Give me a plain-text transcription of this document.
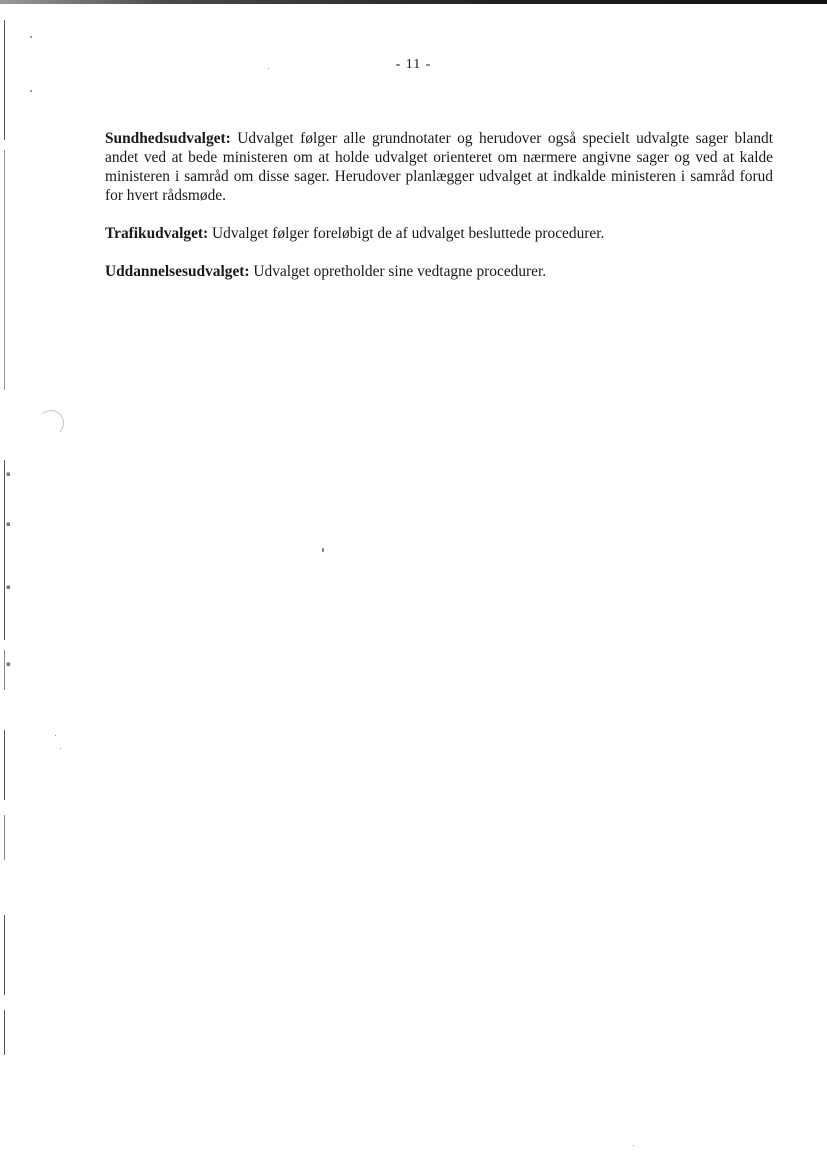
▪
▪
▪
▪
- 11 -

Sundhedsudvalget: Udvalget følger alle grundnotater og herudover også specielt udvalgte sager blandt andet ved at bede ministeren om at holde udvalget orienteret om nærmere angivne sager og ved at kalde ministeren i samråd om disse sager. Herudover planlægger udvalget at indkalde ministeren i samråd forud for hvert rådsmøde.

Trafikudvalget: Udvalget følger foreløbigt de af udvalget besluttede procedurer.

Uddannelsesudvalget: Udvalget opretholder sine vedtagne procedurer.
